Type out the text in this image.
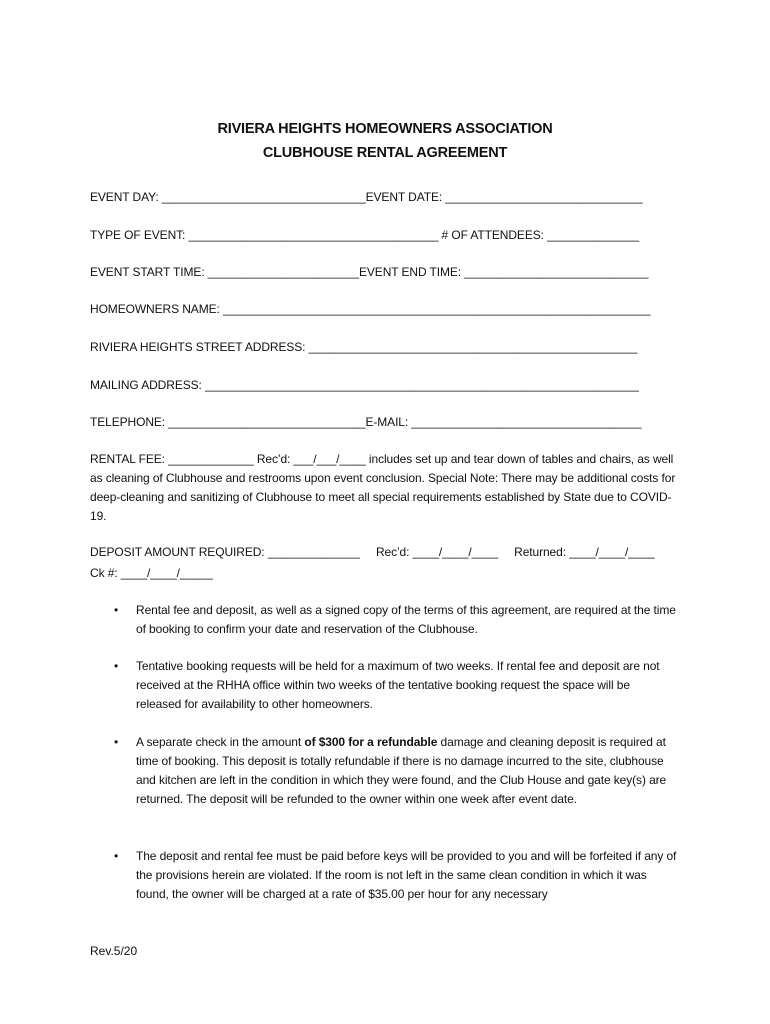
RIVIERA HEIGHTS HOMEOWNERS ASSOCIATION
CLUBHOUSE RENTAL AGREEMENT
EVENT DAY: _______________________________EVENT DATE: ______________________________
TYPE OF EVENT: ______________________________________ # OF ATTENDEES: ______________
EVENT START TIME: _______________________EVENT END TIME: ____________________________
HOMEOWNERS NAME: _________________________________________________________________
RIVIERA HEIGHTS STREET ADDRESS: __________________________________________________
MAILING ADDRESS: __________________________________________________________________
TELEPHONE: ______________________________E-MAIL: ___________________________________
RENTAL FEE: _____________ Rec’d: ___/___/____ includes set up and tear down of tables and chairs, as well as cleaning of Clubhouse and restrooms upon event conclusion. Special Note: There may be additional costs for deep-cleaning and sanitizing of Clubhouse to meet all special requirements established by State due to COVID-19.
DEPOSIT AMOUNT REQUIRED: ______________     Rec’d: ____/____/____     Returned: ____/____/____
Ck #: ____/____/_____
•	Rental fee and deposit, as well as a signed copy of the terms of this agreement, are required at the time of booking to confirm your date and reservation of the Clubhouse.
•	Tentative booking requests will be held for a maximum of two weeks. If rental fee and deposit are not received at the RHHA office within two weeks of the tentative booking request the space will be released for availability to other homeowners.
•	A separate check in the amount of $300 for a refundable damage and cleaning deposit is required at time of booking. This deposit is totally refundable if there is no damage incurred to the site, clubhouse and kitchen are left in the condition in which they were found, and the Club House and gate key(s) are returned. The deposit will be refunded to the owner within one week after event date.
•	The deposit and rental fee must be paid before keys will be provided to you and will be forfeited if any of the provisions herein are violated. If the room is not left in the same clean condition in which it was found, the owner will be charged at a rate of $35.00 per hour for any necessary
Rev.5/20
